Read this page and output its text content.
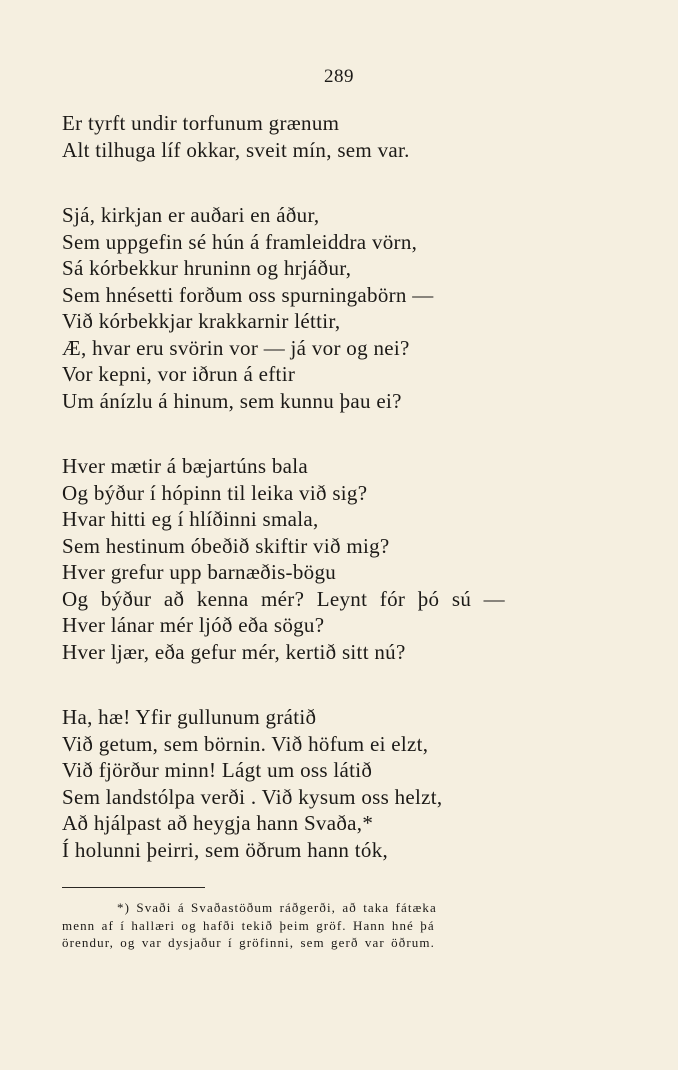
289
Er tyrft undir torfunum grænum
Alt tilhuga líf okkar, sveit mín, sem var.
Sjá, kirkjan er auðari en áður,
Sem uppgefin sé hún á framleiddra vörn,
Sá kórbekkur hruninn og hrjáður,
Sem hnésetti forðum oss spurningabörn —
Við kórbekkjar krakkarnir léttir,
Æ, hvar eru svörin vor — já vor og nei?
Vor kepni, vor iðrun á eftir
Um ánízlu á hinum, sem kunnu þau ei?
Hver mætir á bæjartúns bala
Og býður í hópinn til leika við sig?
Hvar hitti eg í hlíðinni smala,
Sem hestinum óbeðið skiftir við mig?
Hver grefur upp barnæðis-bögu
Og býður að kenna mér? Leynt fór þó sú —
Hver lánar mér ljóð eða sögu?
Hver ljær, eða gefur mér, kertið sitt nú?
Ha, hæ! Yfir gullunum grátið
Við getum, sem börnin. Við höfum ei elzt,
Við fjörður minn! Lágt um oss látið
Sem landstólpa verði . Við kysum oss helzt,
Að hjálpast að heygja hann Svaða,*
Í holunni þeirri, sem öðrum hann tók,
*) Svaði á Svaðastöðum ráðgerði, að taka fátæka
menn af í hallæri og hafði tekið þeim gröf. Hann hné þá
örendur, og var dysjaður í gröfinni, sem gerð var öðrum.
